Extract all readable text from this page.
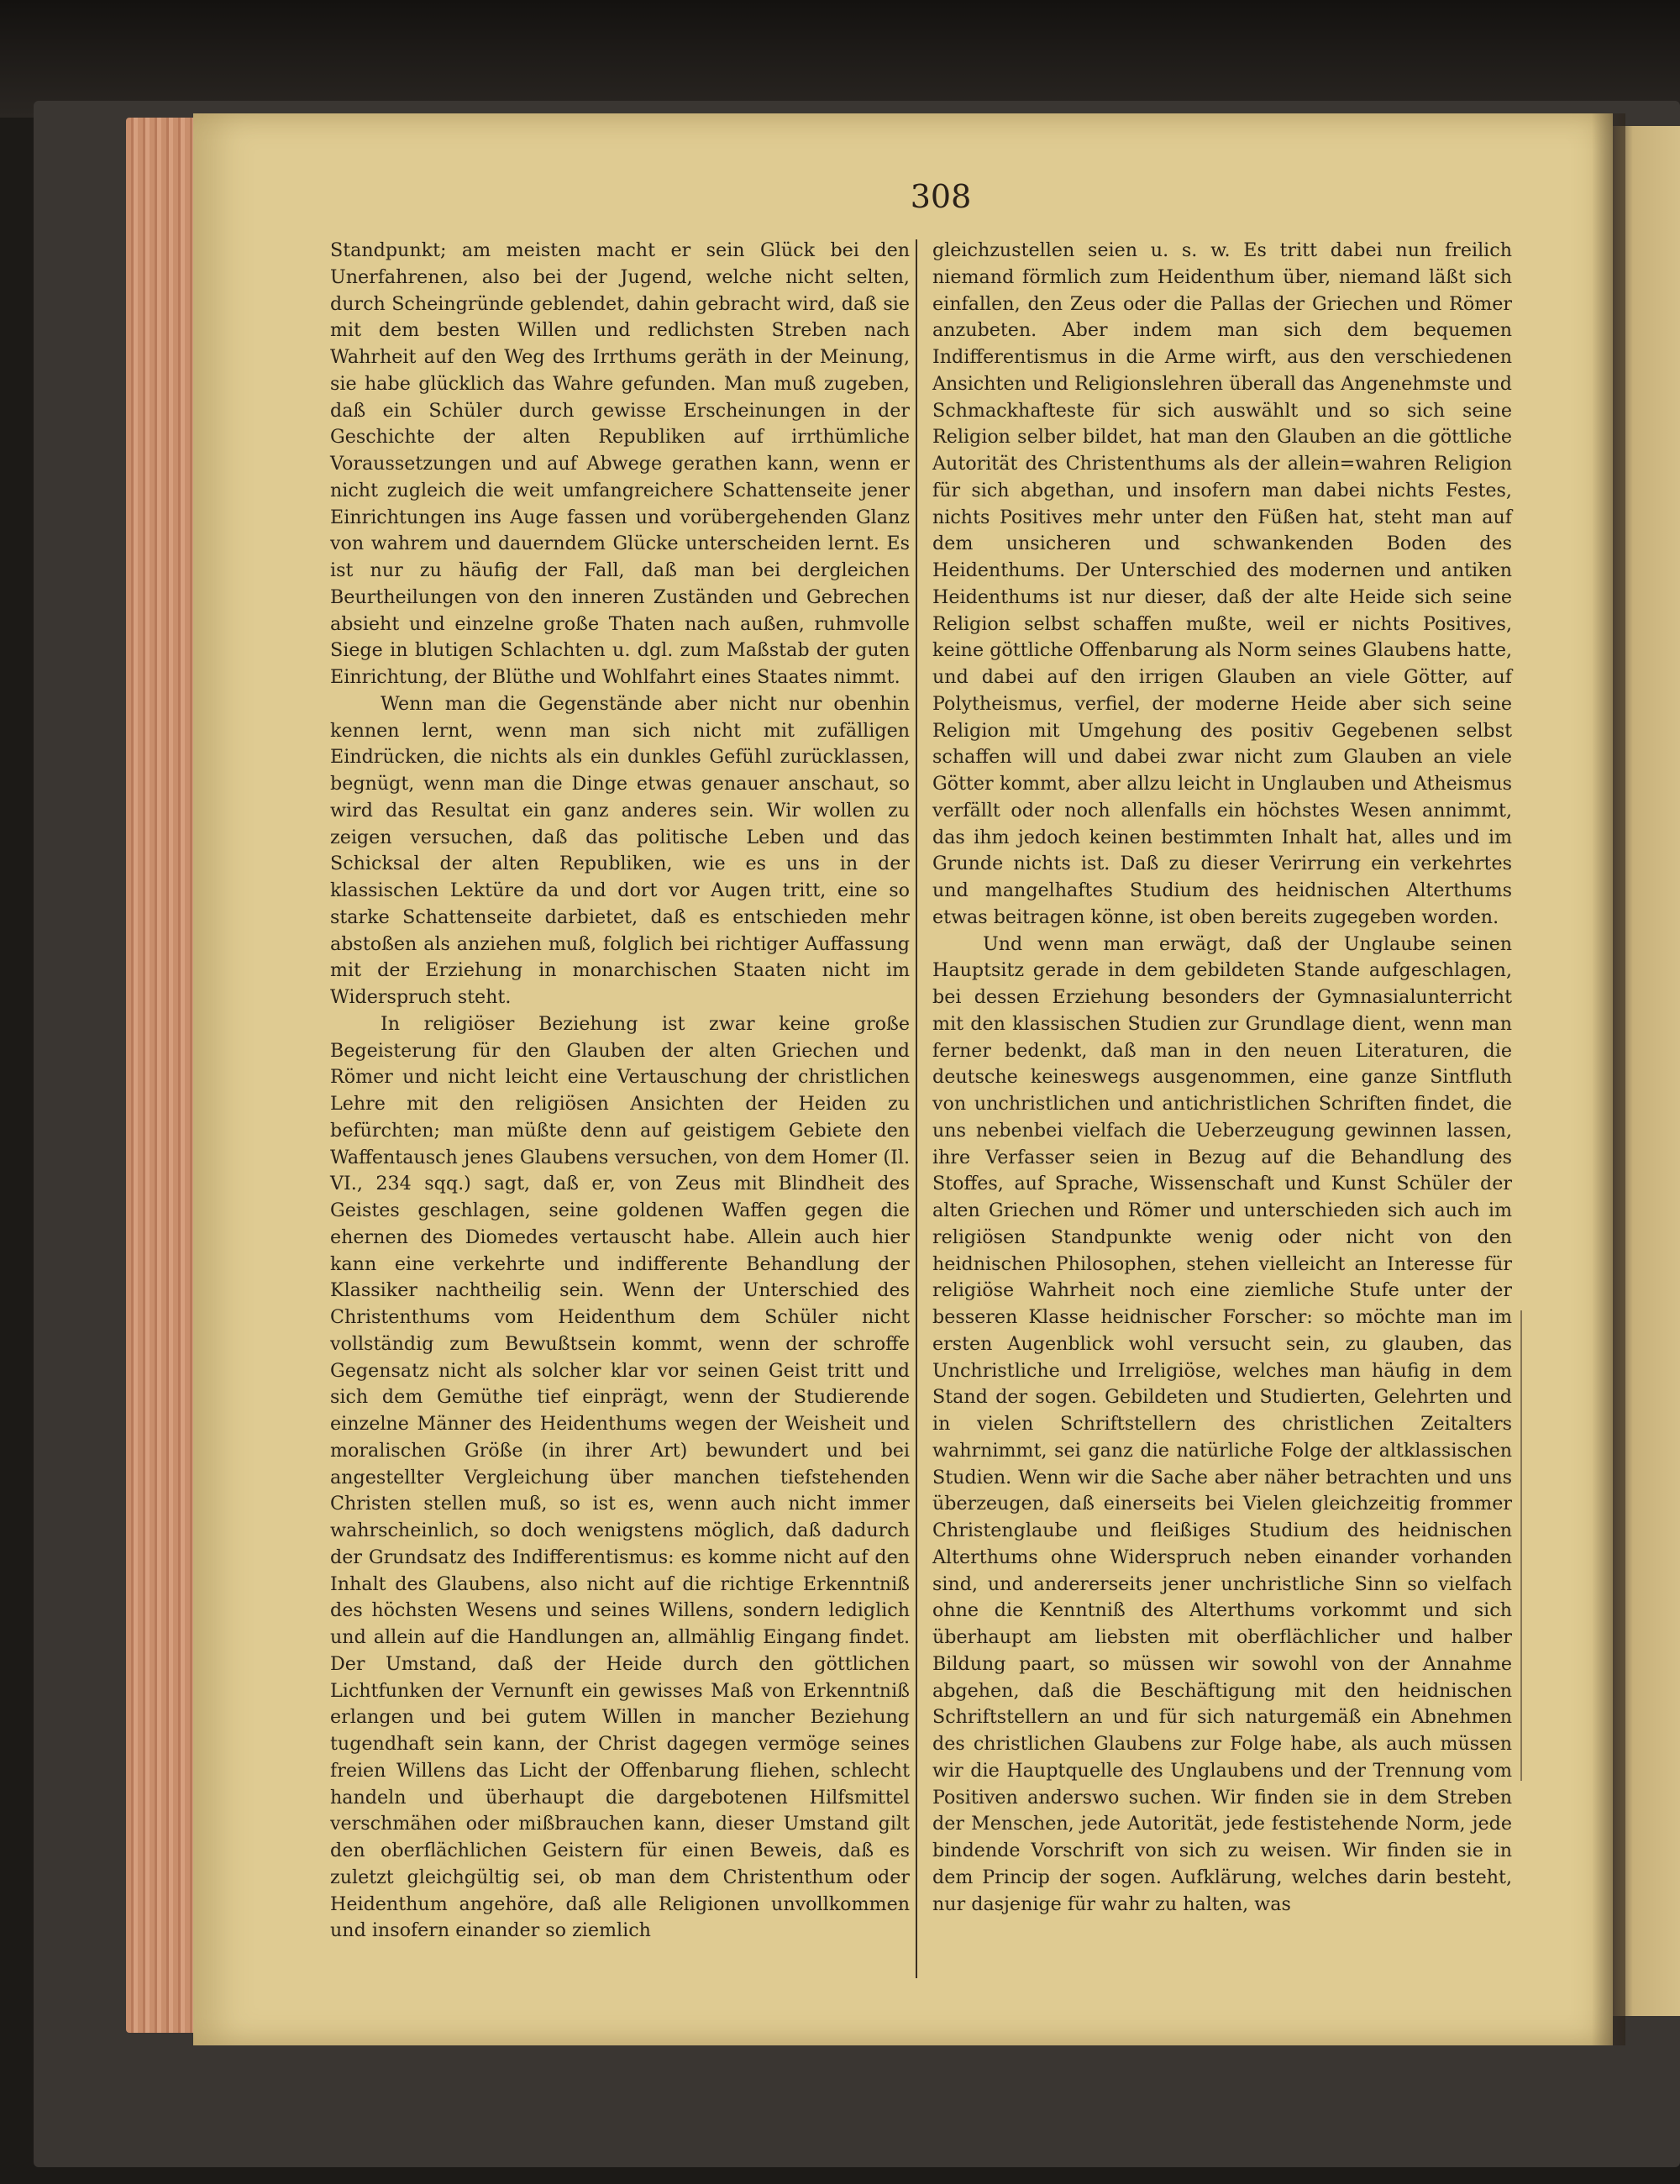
308

Standpunkt; am meisten macht er sein Glück bei den Unerfahrenen, also bei der Jugend, welche nicht selten, durch Scheingründe geblendet, dahin gebracht wird, daß sie mit dem besten Willen und redlichsten Streben nach Wahrheit auf den Weg des Irrthums geräth in der Meinung, sie habe glücklich das Wahre gefunden. Man muß zugeben, daß ein Schüler durch gewisse Erscheinungen in der Geschichte der alten Republiken auf irrthümliche Voraussetzungen und auf Abwege gerathen kann, wenn er nicht zugleich die weit umfangreichere Schattenseite jener Einrichtungen ins Auge fassen und vorübergehenden Glanz von wahrem und dauerndem Glücke unterscheiden lernt. Es ist nur zu häufig der Fall, daß man bei dergleichen Beurtheilungen von den inneren Zuständen und Gebrechen absieht und einzelne große Thaten nach außen, ruhmvolle Siege in blutigen Schlachten u. dgl. zum Maßstab der guten Einrichtung, der Blüthe und Wohlfahrt eines Staates nimmt.

Wenn man die Gegenstände aber nicht nur obenhin kennen lernt, wenn man sich nicht mit zufälligen Eindrücken, die nichts als ein dunkles Gefühl zurücklassen, begnügt, wenn man die Dinge etwas genauer anschaut, so wird das Resultat ein ganz anderes sein. Wir wollen zu zeigen versuchen, daß das politische Leben und das Schicksal der alten Republiken, wie es uns in der klassischen Lektüre da und dort vor Augen tritt, eine so starke Schattenseite darbietet, daß es entschieden mehr abstoßen als anziehen muß, folglich bei richtiger Auffassung mit der Erziehung in monarchischen Staaten nicht im Widerspruch steht.

In religiöser Beziehung ist zwar keine große Begeisterung für den Glauben der alten Griechen und Römer und nicht leicht eine Vertauschung der christlichen Lehre mit den religiösen Ansichten der Heiden zu befürchten; man müßte denn auf geistigem Gebiete den Waffentausch jenes Glaubens versuchen, von dem Homer (Il. VI., 234 sqq.) sagt, daß er, von Zeus mit Blindheit des Geistes geschlagen, seine goldenen Waffen gegen die ehernen des Diomedes vertauscht habe. Allein auch hier kann eine verkehrte und indifferente Behandlung der Klassiker nachtheilig sein. Wenn der Unterschied des Christenthums vom Heidenthum dem Schüler nicht vollständig zum Bewußtsein kommt, wenn der schroffe Gegensatz nicht als solcher klar vor seinen Geist tritt und sich dem Gemüthe tief einprägt, wenn der Studierende einzelne Männer des Heidenthums wegen der Weisheit und moralischen Größe (in ihrer Art) bewundert und bei angestellter Vergleichung über manchen tiefstehenden Christen stellen muß, so ist es, wenn auch nicht immer wahrscheinlich, so doch wenigstens möglich, daß dadurch der Grundsatz des Indifferentismus: es komme nicht auf den Inhalt des Glaubens, also nicht auf die richtige Erkenntniß des höchsten Wesens und seines Willens, sondern lediglich und allein auf die Handlungen an, allmählig Eingang findet. Der Umstand, daß der Heide durch den göttlichen Lichtfunken der Vernunft ein gewisses Maß von Erkenntniß erlangen und bei gutem Willen in mancher Beziehung tugendhaft sein kann, der Christ dagegen vermöge seines freien Willens das Licht der Offenbarung fliehen, schlecht handeln und überhaupt die dargebotenen Hilfsmittel verschmähen oder mißbrauchen kann, dieser Umstand gilt den oberflächlichen Geistern für einen Beweis, daß es zuletzt gleichgültig sei, ob man dem Christenthum oder Heidenthum angehöre, daß alle Religionen unvollkommen und insofern einander so ziemlich

gleichzustellen seien u. s. w. Es tritt dabei nun freilich niemand förmlich zum Heidenthum über, niemand läßt sich einfallen, den Zeus oder die Pallas der Griechen und Römer anzubeten. Aber indem man sich dem bequemen Indifferentismus in die Arme wirft, aus den verschiedenen Ansichten und Religionslehren überall das Angenehmste und Schmackhafteste für sich auswählt und so sich seine Religion selber bildet, hat man den Glauben an die göttliche Autorität des Christenthums als der allein=wahren Religion für sich abgethan, und insofern man dabei nichts Festes, nichts Positives mehr unter den Füßen hat, steht man auf dem unsicheren und schwankenden Boden des Heidenthums. Der Unterschied des modernen und antiken Heidenthums ist nur dieser, daß der alte Heide sich seine Religion selbst schaffen mußte, weil er nichts Positives, keine göttliche Offenbarung als Norm seines Glaubens hatte, und dabei auf den irrigen Glauben an viele Götter, auf Polytheismus, verfiel, der moderne Heide aber sich seine Religion mit Umgehung des positiv Gegebenen selbst schaffen will und dabei zwar nicht zum Glauben an viele Götter kommt, aber allzu leicht in Unglauben und Atheismus verfällt oder noch allenfalls ein höchstes Wesen annimmt, das ihm jedoch keinen bestimmten Inhalt hat, alles und im Grunde nichts ist. Daß zu dieser Verirrung ein verkehrtes und mangelhaftes Studium des heidnischen Alterthums etwas beitragen könne, ist oben bereits zugegeben worden.

Und wenn man erwägt, daß der Unglaube seinen Hauptsitz gerade in dem gebildeten Stande aufgeschlagen, bei dessen Erziehung besonders der Gymnasialunterricht mit den klassischen Studien zur Grundlage dient, wenn man ferner bedenkt, daß man in den neuen Literaturen, die deutsche keineswegs ausgenommen, eine ganze Sintfluth von unchristlichen und antichristlichen Schriften findet, die uns nebenbei vielfach die Ueberzeugung gewinnen lassen, ihre Verfasser seien in Bezug auf die Behandlung des Stoffes, auf Sprache, Wissenschaft und Kunst Schüler der alten Griechen und Römer und unterschieden sich auch im religiösen Standpunkte wenig oder nicht von den heidnischen Philosophen, stehen vielleicht an Interesse für religiöse Wahrheit noch eine ziemliche Stufe unter der besseren Klasse heidnischer Forscher: so möchte man im ersten Augenblick wohl versucht sein, zu glauben, das Unchristliche und Irreligiöse, welches man häufig in dem Stand der sogen. Gebildeten und Studierten, Gelehrten und in vielen Schriftstellern des christlichen Zeitalters wahrnimmt, sei ganz die natürliche Folge der altklassischen Studien. Wenn wir die Sache aber näher betrachten und uns überzeugen, daß einerseits bei Vielen gleichzeitig frommer Christenglaube und fleißiges Studium des heidnischen Alterthums ohne Widerspruch neben einander vorhanden sind, und andererseits jener unchristliche Sinn so vielfach ohne die Kenntniß des Alterthums vorkommt und sich überhaupt am liebsten mit oberflächlicher und halber Bildung paart, so müssen wir sowohl von der Annahme abgehen, daß die Beschäftigung mit den heidnischen Schriftstellern an und für sich naturgemäß ein Abnehmen des christlichen Glaubens zur Folge habe, als auch müssen wir die Hauptquelle des Unglaubens und der Trennung vom Positiven anderswo suchen. Wir finden sie in dem Streben der Menschen, jede Autorität, jede festistehende Norm, jede bindende Vorschrift von sich zu weisen. Wir finden sie in dem Princip der sogen. Aufklärung, welches darin besteht, nur dasjenige für wahr zu halten, was
